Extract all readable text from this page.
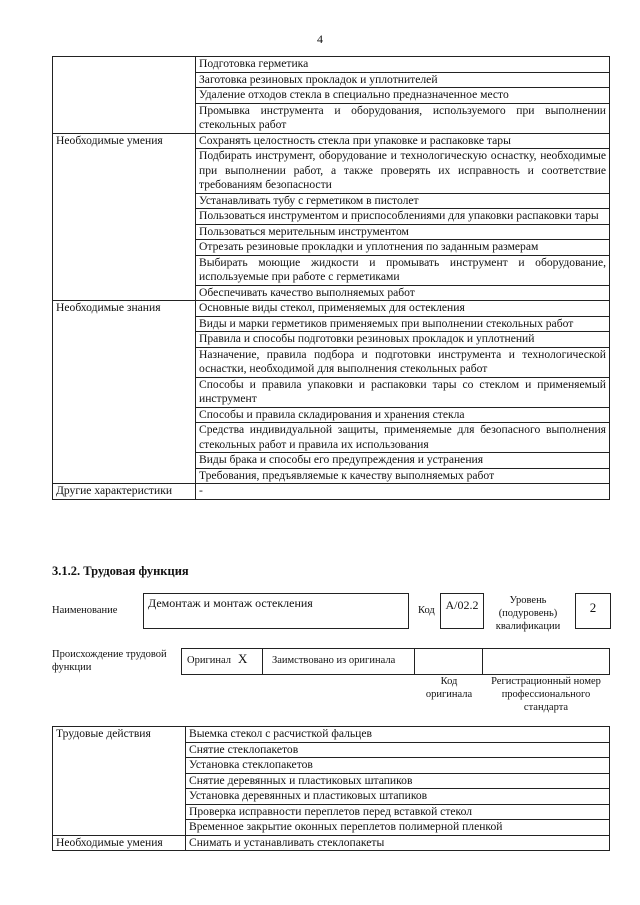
4
	Подготовка герметика
	Заготовка резиновых прокладок и уплотнителей
	Удаление отходов стекла в специально предназначенное место
	Промывка инструмента и оборудования, используемого при выполнении стекольных работ
Необходимые умения	Сохранять целостность стекла при упаковке и распаковке тары
	Подбирать инструмент, оборудование и технологическую оснастку, необходимые при выполнении работ, а также проверять их исправность и соответствие требованиям безопасности
	Устанавливать тубу с герметиком в пистолет
	Пользоваться инструментом и приспособлениями для упаковки распаковки тары
	Пользоваться мерительным инструментом
	Отрезать резиновые прокладки и уплотнения по заданным размерам
	Выбирать моющие жидкости и промывать инструмент и оборудование, используемые при работе с герметиками
	Обеспечивать качество выполняемых работ
Необходимые знания	Основные виды стекол, применяемых для остекления
	Виды и марки герметиков применяемых при выполнении стекольных работ
	Правила и способы подготовки резиновых прокладок и уплотнений
	Назначение, правила подбора и подготовки инструмента и технологической оснастки, необходимой для выполнения стекольных работ
	Способы и правила упаковки и распаковки тары со стеклом и применяемый инструмент
	Способы и правила складирования и хранения стекла
	Средства индивидуальной защиты, применяемые для безопасного выполнения стекольных работ и правила их использования
	Виды брака и способы его предупреждения и устранения
	Требования, предъявляемые к качеству выполняемых работ
Другие характеристики	-
3.1.2. Трудовая функция
Наименование
Демонтаж и монтаж остекления
Код А/02.2	Уровень (подуровень) квалификации
2
Происхождение трудовой функции
Оригинал X Заимствовано из оригинала
Код оригинала
Регистрационный номер профессионального стандарта
Трудовые действия	Выемка стекол с расчисткой фальцев
	Снятие стеклопакетов
	Установка стеклопакетов
	Снятие деревянных и пластиковых штапиков
	Установка деревянных и пластиковых штапиков
	Проверка исправности переплетов перед вставкой стекол
	Временное закрытие оконных переплетов полимерной пленкой
Необходимые умения	Снимать и устанавливать стеклопакеты
